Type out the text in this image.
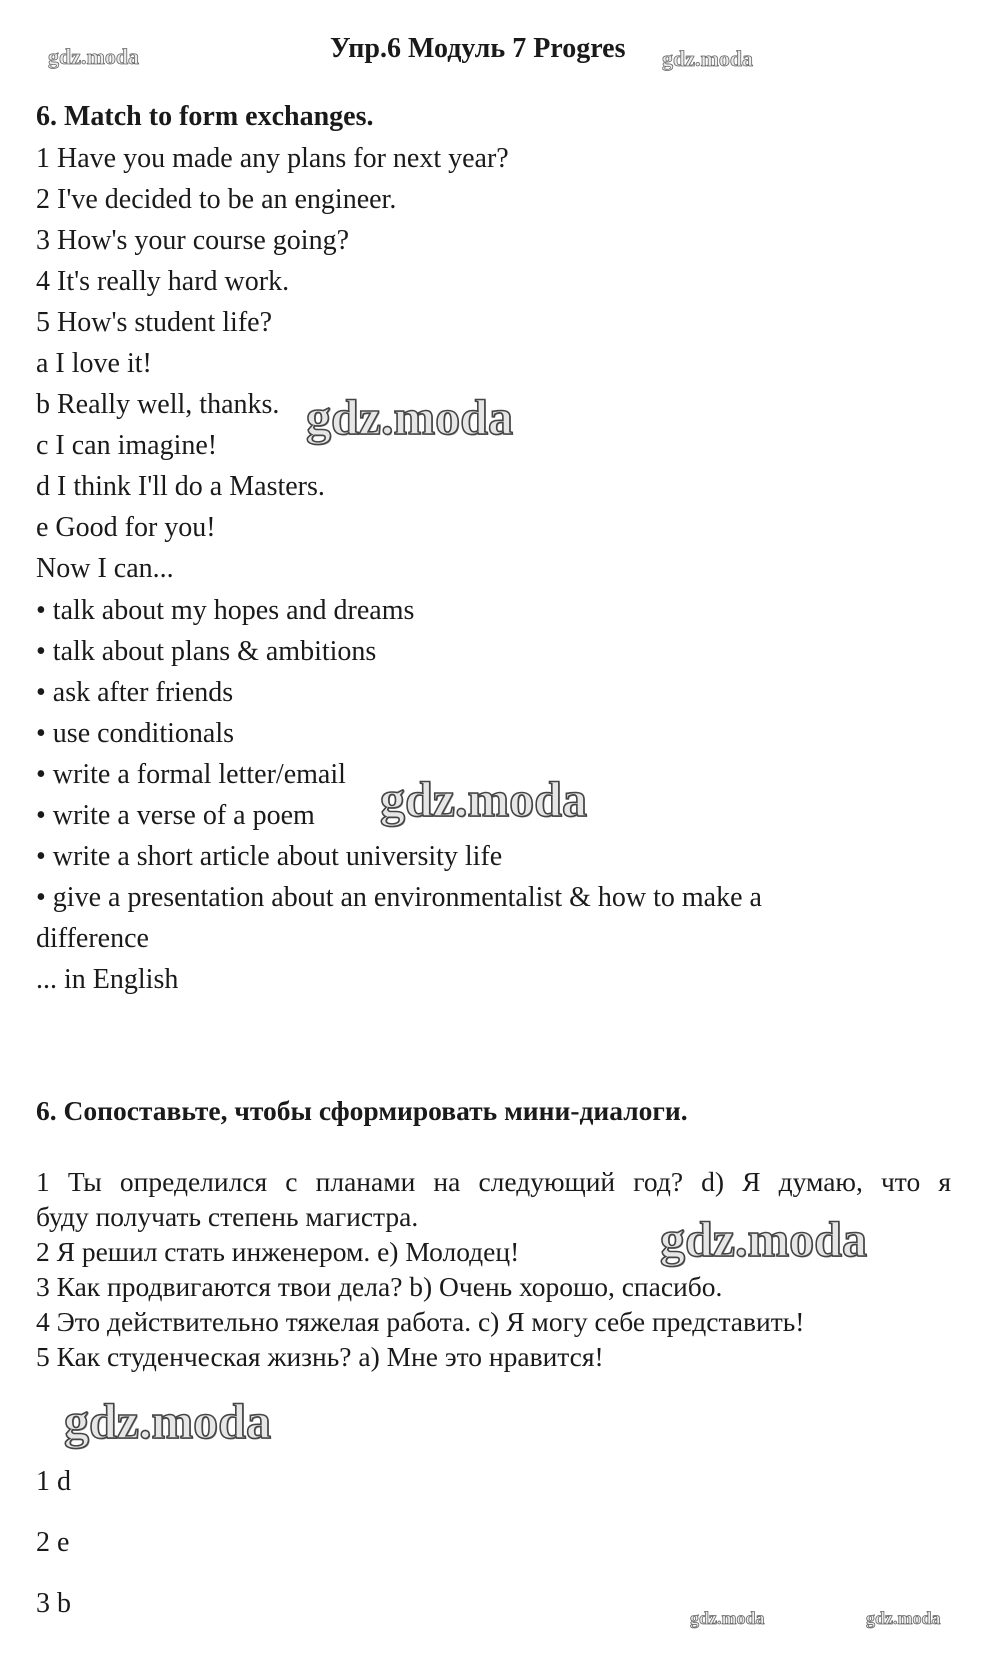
Упр.6 Модуль 7 Progres
gdz.moda	gdz.moda
gdz.moda
gdz.moda
gdz.moda
gdz.moda
gdz.moda	gdz.moda
6. Match to form exchanges.
1 Have you made any plans for next year?
2 I've decided to be an engineer.
3 How's your course going?
4 It's really hard work.
5 How's student life?
a I love it!
b Really well, thanks.
c I can imagine!
d I think I'll do a Masters.
e Good for you!
Now I can...
• talk about my hopes and dreams
• talk about plans & ambitions
• ask after friends
• use conditionals
• write a formal letter/email
• write a verse of a poem
• write a short article about university life
• give a presentation about an environmentalist & how to make a
difference
... in English
6. Сопоставьте, чтобы сформировать мини-диалоги.
1 Ты определился с планами на следующий год? d) Я думаю, что я
буду получать степень магистра.
2 Я решил стать инженером. e) Молодец!
3 Как продвигаются твои дела? b) Очень хорошо, спасибо.
4 Это действительно тяжелая работа. c) Я могу себе представить!
5 Как студенческая жизнь? a) Мне это нравится!
1 d
2 e
3 b
